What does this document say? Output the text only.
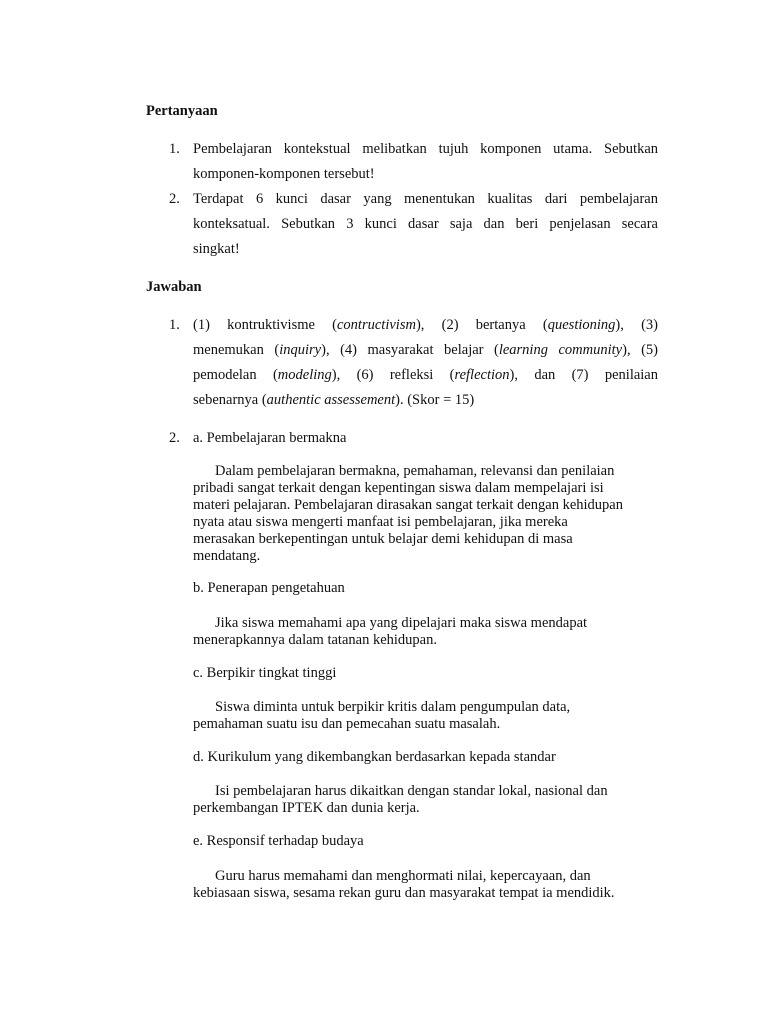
Pertanyaan
1. Pembelajaran kontekstual melibatkan tujuh komponen utama. Sebutkan
komponen-komponen tersebut!
2. Terdapat 6 kunci dasar yang menentukan kualitas dari pembelajaran
konteksatual. Sebutkan 3 kunci dasar saja dan beri penjelasan secara
singkat!
Jawaban
1. (1) kontruktivisme (contructivism), (2) bertanya (questioning), (3)
menemukan (inquiry), (4) masyarakat belajar (learning community), (5)
pemodelan (modeling), (6) refleksi (reflection), dan (7) penilaian
sebenarnya (authentic assessement). (Skor = 15)
2. a. Pembelajaran bermakna
Dalam pembelajaran bermakna, pemahaman, relevansi dan penilaian
pribadi sangat terkait dengan kepentingan siswa dalam mempelajari isi
materi pelajaran. Pembelajaran dirasakan sangat terkait dengan kehidupan
nyata atau siswa mengerti manfaat isi pembelajaran, jika mereka
merasakan berkepentingan untuk belajar demi kehidupan di masa
mendatang.
b. Penerapan pengetahuan
Jika siswa memahami apa yang dipelajari maka siswa mendapat
menerapkannya dalam tatanan kehidupan.
c. Berpikir tingkat tinggi
Siswa diminta untuk berpikir kritis dalam pengumpulan data,
pemahaman suatu isu dan pemecahan suatu masalah.
d. Kurikulum yang dikembangkan berdasarkan kepada standar
Isi pembelajaran harus dikaitkan dengan standar lokal, nasional dan
perkembangan IPTEK dan dunia kerja.
e. Responsif terhadap budaya
Guru harus memahami dan menghormati nilai, kepercayaan, dan
kebiasaan siswa, sesama rekan guru dan masyarakat tempat ia mendidik.
